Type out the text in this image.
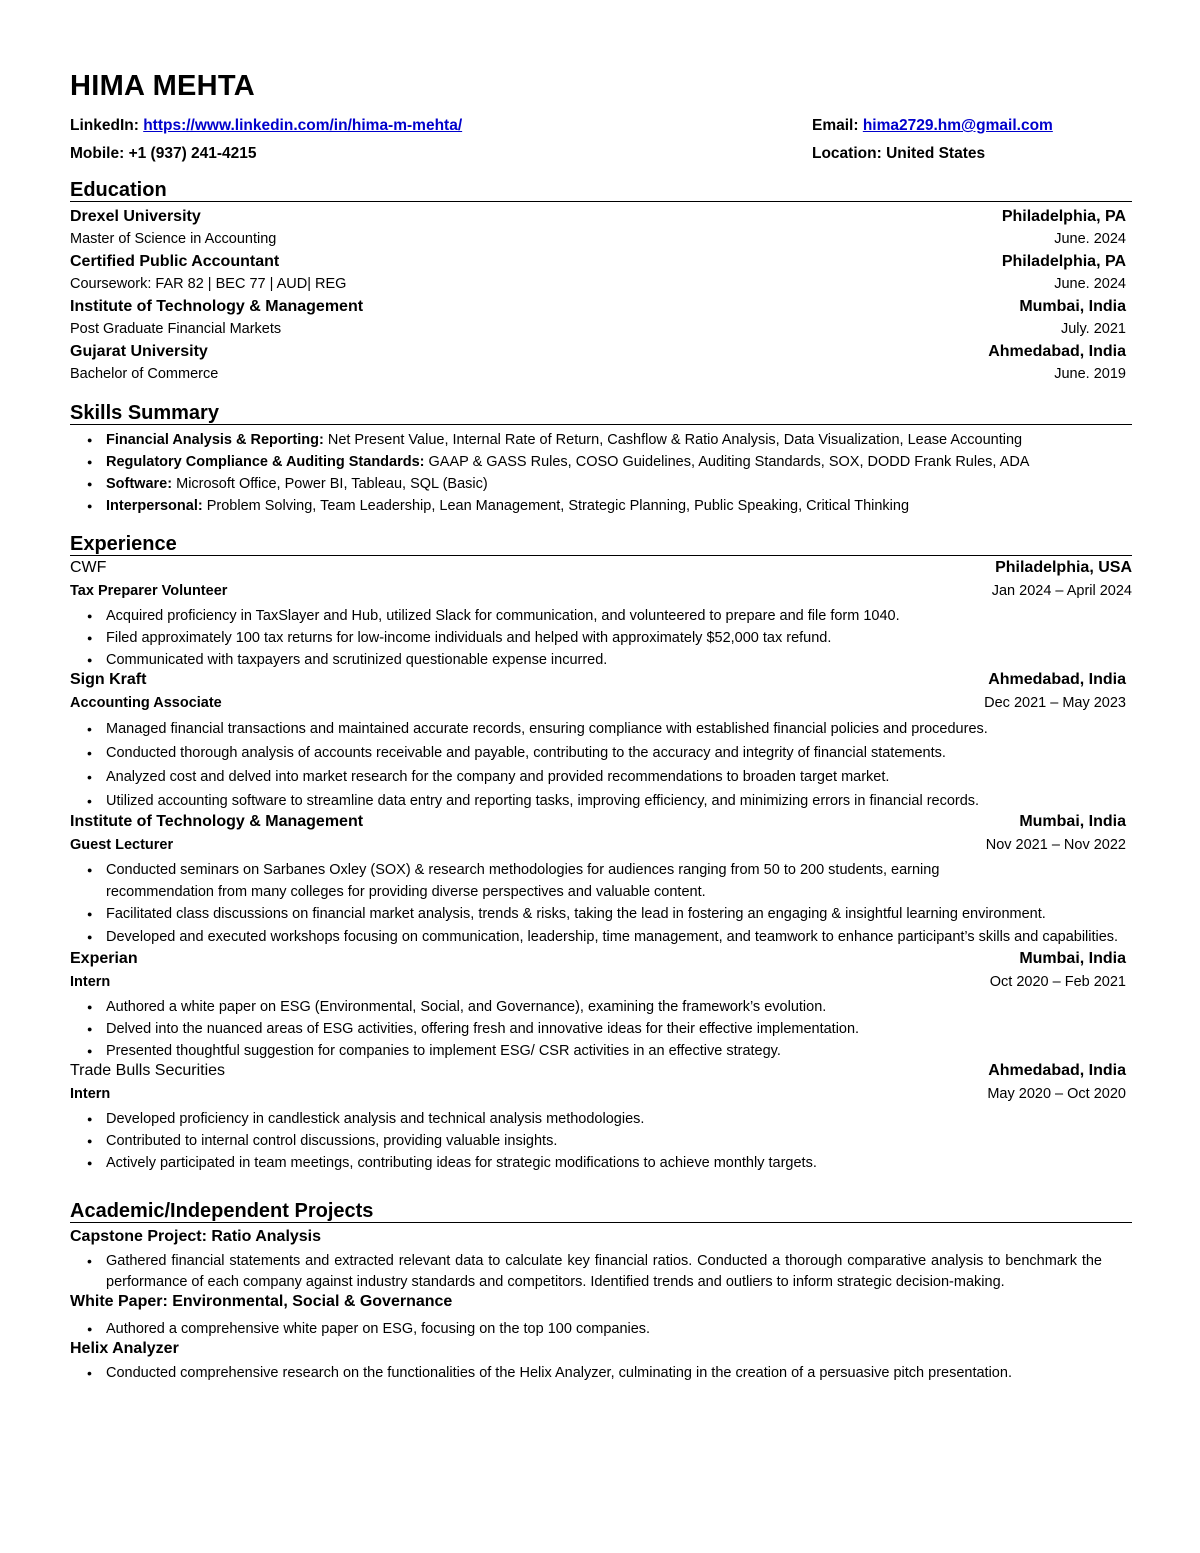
HIMA MEHTA
LinkedIn: https://www.linkedin.com/in/hima-m-mehta/	Email: hima2729.hm@gmail.com
Mobile: +1 (937) 241-4215	Location: United States
Education
Drexel University	Philadelphia, PA
Master of Science in Accounting	June. 2024
Certified Public Accountant	Philadelphia, PA
Coursework: FAR 82 | BEC 77 | AUD| REG	June. 2024
Institute of Technology & Management	Mumbai, India
Post Graduate Financial Markets	July. 2021
Gujarat University	Ahmedabad, India
Bachelor of Commerce	June. 2019
Skills Summary
● Financial Analysis & Reporting: Net Present Value, Internal Rate of Return, Cashflow & Ratio Analysis, Data Visualization, Lease Accounting
● Regulatory Compliance & Auditing Standards: GAAP & GASS Rules, COSO Guidelines, Auditing Standards, SOX, DODD Frank Rules, ADA
● Software: Microsoft Office, Power BI, Tableau, SQL (Basic)
● Interpersonal: Problem Solving, Team Leadership, Lean Management, Strategic Planning, Public Speaking, Critical Thinking
Experience
CWF	Philadelphia, USA
Tax Preparer Volunteer	Jan 2024 – April 2024
● Acquired proficiency in TaxSlayer and Hub, utilized Slack for communication, and volunteered to prepare and file form 1040.
● Filed approximately 100 tax returns for low-income individuals and helped with approximately $52,000 tax refund.
● Communicated with taxpayers and scrutinized questionable expense incurred.
Sign Kraft	Ahmedabad, India
Accounting Associate	Dec 2021 – May 2023
• Managed financial transactions and maintained accurate records, ensuring compliance with established financial policies and procedures.
• Conducted thorough analysis of accounts receivable and payable, contributing to the accuracy and integrity of financial statements.
• Analyzed cost and delved into market research for the company and provided recommendations to broaden target market.
• Utilized accounting software to streamline data entry and reporting tasks, improving efficiency, and minimizing errors in financial records.
Institute of Technology & Management	Mumbai, India
Guest Lecturer	Nov 2021 – Nov 2022
● Conducted seminars on Sarbanes Oxley (SOX) & research methodologies for audiences ranging from 50 to 200 students, earning recommendation from many colleges for providing diverse perspectives and valuable content.
● Facilitated class discussions on financial market analysis, trends & risks, taking the lead in fostering an engaging & insightful learning environment.
● Developed and executed workshops focusing on communication, leadership, time management, and teamwork to enhance participant’s skills and capabilities.
Experian	Mumbai, India
Intern	Oct 2020 – Feb 2021
● Authored a white paper on ESG (Environmental, Social, and Governance), examining the framework’s evolution.
● Delved into the nuanced areas of ESG activities, offering fresh and innovative ideas for their effective implementation.
● Presented thoughtful suggestion for companies to implement ESG/ CSR activities in an effective strategy.
Trade Bulls Securities	Ahmedabad, India
Intern	May 2020 – Oct 2020
● Developed proficiency in candlestick analysis and technical analysis methodologies.
● Contributed to internal control discussions, providing valuable insights.
● Actively participated in team meetings, contributing ideas for strategic modifications to achieve monthly targets.
Academic/Independent Projects
Capstone Project: Ratio Analysis
• Gathered financial statements and extracted relevant data to calculate key financial ratios. Conducted a thorough comparative analysis to benchmark the performance of each company against industry standards and competitors. Identified trends and outliers to inform strategic decision-making.
White Paper: Environmental, Social & Governance
● Authored a comprehensive white paper on ESG, focusing on the top 100 companies.
Helix Analyzer
• Conducted comprehensive research on the functionalities of the Helix Analyzer, culminating in the creation of a persuasive pitch presentation.
